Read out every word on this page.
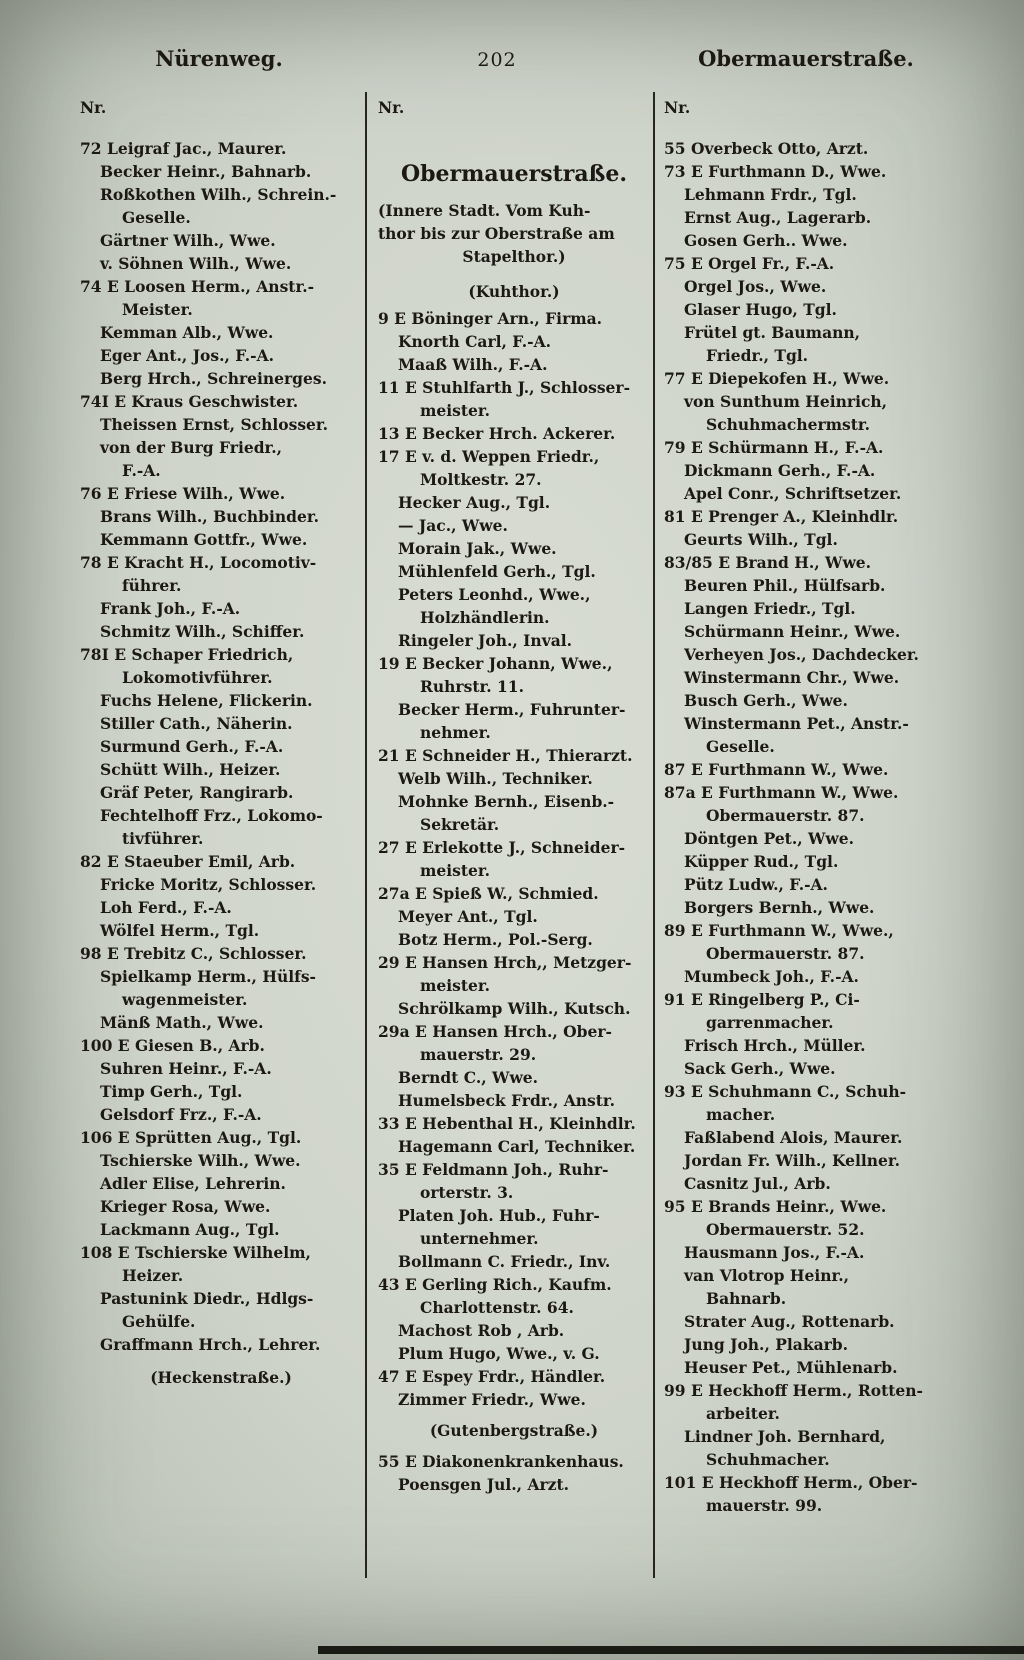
Nürenweg.	202	Obermauerstraße.
Nr.
72 Leigraf Jac., Maurer.
Becker Heinr., Bahnarb.
Roßkothen Wilh., Schrein.-
Geselle.
Gärtner Wilh., Wwe.
v. Söhnen Wilh., Wwe.
74 E Loosen Herm., Anstr.-
Meister.
Kemman Alb., Wwe.
Eger Ant., Jos., F.-A.
Berg Hrch., Schreinerges.
74I E Kraus Geschwister.
Theissen Ernst, Schlosser.
von der Burg Friedr.,
F.-A.
76 E Friese Wilh., Wwe.
Brans Wilh., Buchbinder.
Kemmann Gottfr., Wwe.
78 E Kracht H., Locomotiv-
führer.
Frank Joh., F.-A.
Schmitz Wilh., Schiffer.
78I E Schaper Friedrich,
Lokomotivführer.
Fuchs Helene, Flickerin.
Stiller Cath., Näherin.
Surmund Gerh., F.-A.
Schütt Wilh., Heizer.
Gräf Peter, Rangirarb.
Fechtelhoff Frz., Lokomo-
tivführer.
82 E Staeuber Emil, Arb.
Fricke Moritz, Schlosser.
Loh Ferd., F.-A.
Wölfel Herm., Tgl.
98 E Trebitz C., Schlosser.
Spielkamp Herm., Hülfs-
wagenmeister.
Mänß Math., Wwe.
100 E Giesen B., Arb.
Suhren Heinr., F.-A.
Timp Gerh., Tgl.
Gelsdorf Frz., F.-A.
106 E Sprütten Aug., Tgl.
Tschierske Wilh., Wwe.
Adler Elise, Lehrerin.
Krieger Rosa, Wwe.
Lackmann Aug., Tgl.
108 E Tschierske Wilhelm,
Heizer.
Pastunink Diedr., Hdlgs-
Gehülfe.
Graffmann Hrch., Lehrer.
(Heckenstraße.)
Nr.
Obermauerstraße.
(Innere Stadt. Vom Kuh-
thor bis zur Oberstraße am
Stapelthor.)
(Kuhthor.)
9 E Böninger Arn., Firma.
Knorth Carl, F.-A.
Maaß Wilh., F.-A.
11 E Stuhlfarth J., Schlosser-
meister.
13 E Becker Hrch. Ackerer.
17 E v. d. Weppen Friedr.,
Moltkestr. 27.
Hecker Aug., Tgl.
— Jac., Wwe.
Morain Jak., Wwe.
Mühlenfeld Gerh., Tgl.
Peters Leonhd., Wwe.,
Holzhändlerin.
Ringeler Joh., Inval.
19 E Becker Johann, Wwe.,
Ruhrstr. 11.
Becker Herm., Fuhrunter-
nehmer.
21 E Schneider H., Thierarzt.
Welb Wilh., Techniker.
Mohnke Bernh., Eisenb.-
Sekretär.
27 E Erlekotte J., Schneider-
meister.
27a E Spieß W., Schmied.
Meyer Ant., Tgl.
Botz Herm., Pol.-Serg.
29 E Hansen Hrch,, Metzger-
meister.
Schrölkamp Wilh., Kutsch.
29a E Hansen Hrch., Ober-
mauerstr. 29.
Berndt C., Wwe.
Humelsbeck Frdr., Anstr.
33 E Hebenthal H., Kleinhdlr.
Hagemann Carl, Techniker.
35 E Feldmann Joh., Ruhr-
orterstr. 3.
Platen Joh. Hub., Fuhr-
unternehmer.
Bollmann C. Friedr., Inv.
43 E Gerling Rich., Kaufm.
Charlottenstr. 64.
Machost Rob , Arb.
Plum Hugo, Wwe., v. G.
47 E Espey Frdr., Händler.
Zimmer Friedr., Wwe.
(Gutenbergstraße.)
55 E Diakonenkrankenhaus.
Poensgen Jul., Arzt.
Nr.
55 Overbeck Otto, Arzt.
73 E Furthmann D., Wwe.
Lehmann Frdr., Tgl.
Ernst Aug., Lagerarb.
Gosen Gerh.. Wwe.
75 E Orgel Fr., F.-A.
Orgel Jos., Wwe.
Glaser Hugo, Tgl.
Frütel gt. Baumann,
Friedr., Tgl.
77 E Diepekofen H., Wwe.
von Sunthum Heinrich,
Schuhmachermstr.
79 E Schürmann H., F.-A.
Dickmann Gerh., F.-A.
Apel Conr., Schriftsetzer.
81 E Prenger A., Kleinhdlr.
Geurts Wilh., Tgl.
83/85 E Brand H., Wwe.
Beuren Phil., Hülfsarb.
Langen Friedr., Tgl.
Schürmann Heinr., Wwe.
Verheyen Jos., Dachdecker.
Winstermann Chr., Wwe.
Busch Gerh., Wwe.
Winstermann Pet., Anstr.-
Geselle.
87 E Furthmann W., Wwe.
87a E Furthmann W., Wwe.
Obermauerstr. 87.
Döntgen Pet., Wwe.
Küpper Rud., Tgl.
Pütz Ludw., F.-A.
Borgers Bernh., Wwe.
89 E Furthmann W., Wwe.,
Obermauerstr. 87.
Mumbeck Joh., F.-A.
91 E Ringelberg P., Ci-
garrenmacher.
Frisch Hrch., Müller.
Sack Gerh., Wwe.
93 E Schuhmann C., Schuh-
macher.
Faßlabend Alois, Maurer.
Jordan Fr. Wilh., Kellner.
Casnitz Jul., Arb.
95 E Brands Heinr., Wwe.
Obermauerstr. 52.
Hausmann Jos., F.-A.
van Vlotrop Heinr.,
Bahnarb.
Strater Aug., Rottenarb.
Jung Joh., Plakarb.
Heuser Pet., Mühlenarb.
99 E Heckhoff Herm., Rotten-
arbeiter.
Lindner Joh. Bernhard,
Schuhmacher.
101 E Heckhoff Herm., Ober-
mauerstr. 99.
